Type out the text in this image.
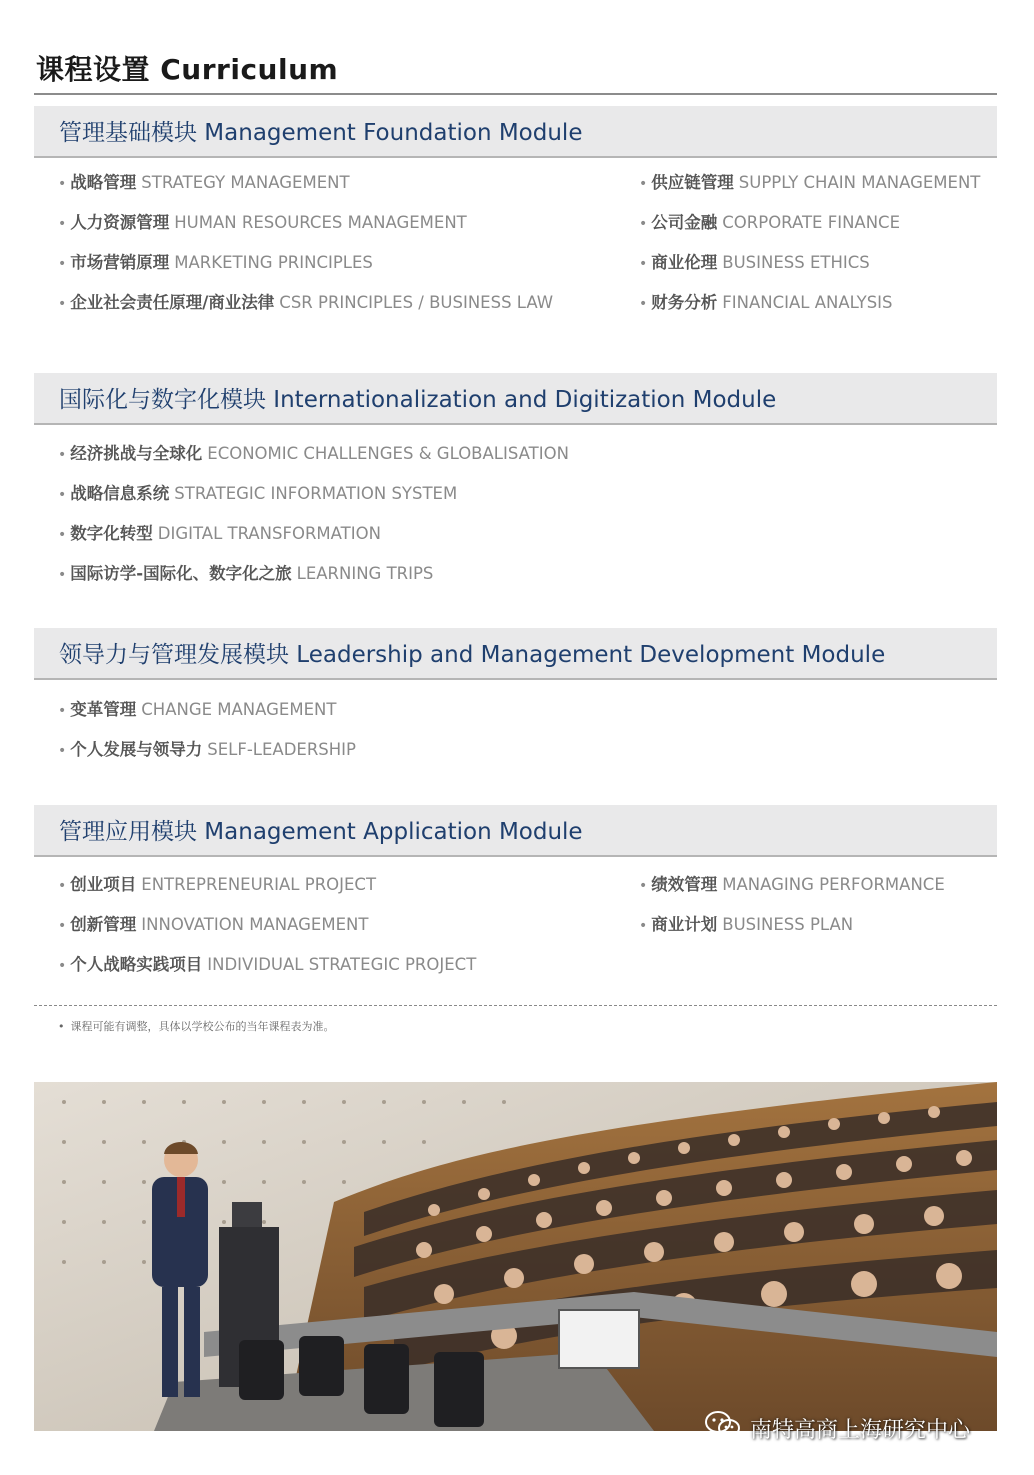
课程设置 Curriculum
管理基础模块 Management Foundation Module
• 战略管理 STRATEGY MANAGEMENT
• 人力资源管理 HUMAN RESOURCES MANAGEMENT
• 市场营销原理 MARKETING PRINCIPLES
• 企业社会责任原理/商业法律 CSR PRINCIPLES / BUSINESS LAW
• 供应链管理 SUPPLY CHAIN MANAGEMENT
• 公司金融 CORPORATE FINANCE
• 商业伦理 BUSINESS ETHICS
• 财务分析 FINANCIAL ANALYSIS
国际化与数字化模块 Internationalization and Digitization Module
• 经济挑战与全球化 ECONOMIC CHALLENGES & GLOBALISATION
• 战略信息系统 STRATEGIC INFORMATION SYSTEM
• 数字化转型 DIGITAL TRANSFORMATION
• 国际访学-国际化、数字化之旅 LEARNING TRIPS
领导力与管理发展模块 Leadership and Management Development Module
• 变革管理 CHANGE MANAGEMENT
• 个人发展与领导力 SELF-LEADERSHIP
管理应用模块 Management Application Module
• 创业项目 ENTREPRENEURIAL PROJECT
• 创新管理 INNOVATION MANAGEMENT
• 个人战略实践项目 INDIVIDUAL STRATEGIC PROJECT
• 绩效管理 MANAGING PERFORMANCE
• 商业计划 BUSINESS PLAN
• 课程可能有调整，具体以学校公布的当年课程表为准。
南特高商上海研究中心
